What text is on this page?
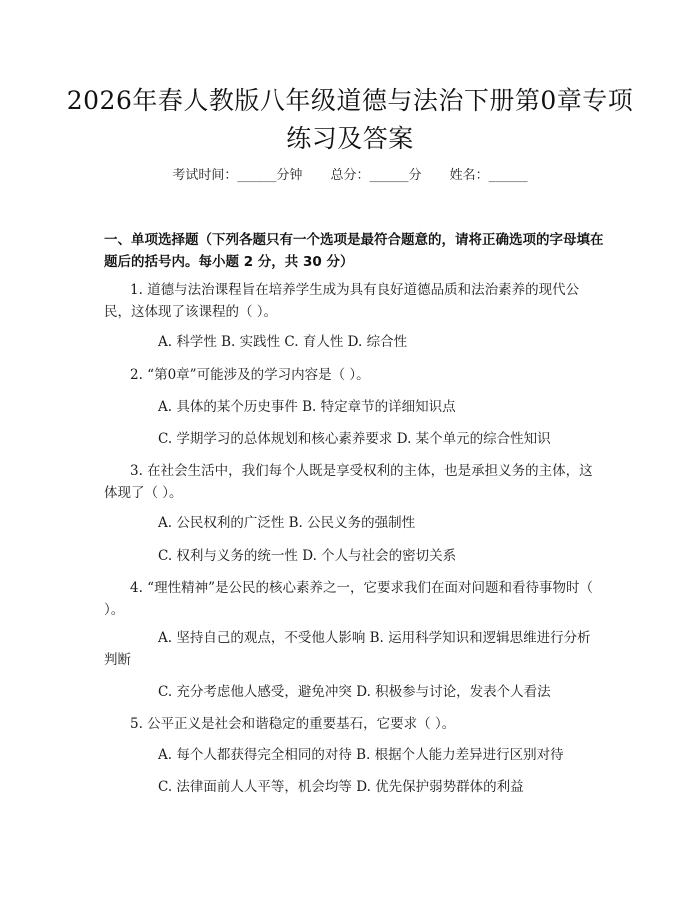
2026年春人教版八年级道德与法治下册第0章专项练习及答案
考试时间：______分钟 总分：______分 姓名：______
一、单项选择题（下列各题只有一个选项是最符合题意的，请将正确选项的字母填在题后的括号内。每小题 2 分，共 30 分）
1. 道德与法治课程旨在培养学生成为具有良好道德品质和法治素养的现代公民，这体现了该课程的（ ）。
A. 科学性 B. 实践性 C. 育人性 D. 综合性
2. “第0章”可能涉及的学习内容是（ ）。
A. 具体的某个历史事件 B. 特定章节的详细知识点
C. 学期学习的总体规划和核心素养要求 D. 某个单元的综合性知识
3. 在社会生活中，我们每个人既是享受权利的主体，也是承担义务的主体，这体现了（ ）。
A. 公民权利的广泛性 B. 公民义务的强制性
C. 权利与义务的统一性 D. 个人与社会的密切关系
4. “理性精神”是公民的核心素养之一，它要求我们在面对问题和看待事物时（ ）。
A. 坚持自己的观点，不受他人影响 B. 运用科学知识和逻辑思维进行分析判断
C. 充分考虑他人感受，避免冲突 D. 积极参与讨论，发表个人看法
5. 公平正义是社会和谐稳定的重要基石，它要求（ ）。
A. 每个人都获得完全相同的对待 B. 根据个人能力差异进行区别对待
C. 法律面前人人平等，机会均等 D. 优先保护弱势群体的利益
